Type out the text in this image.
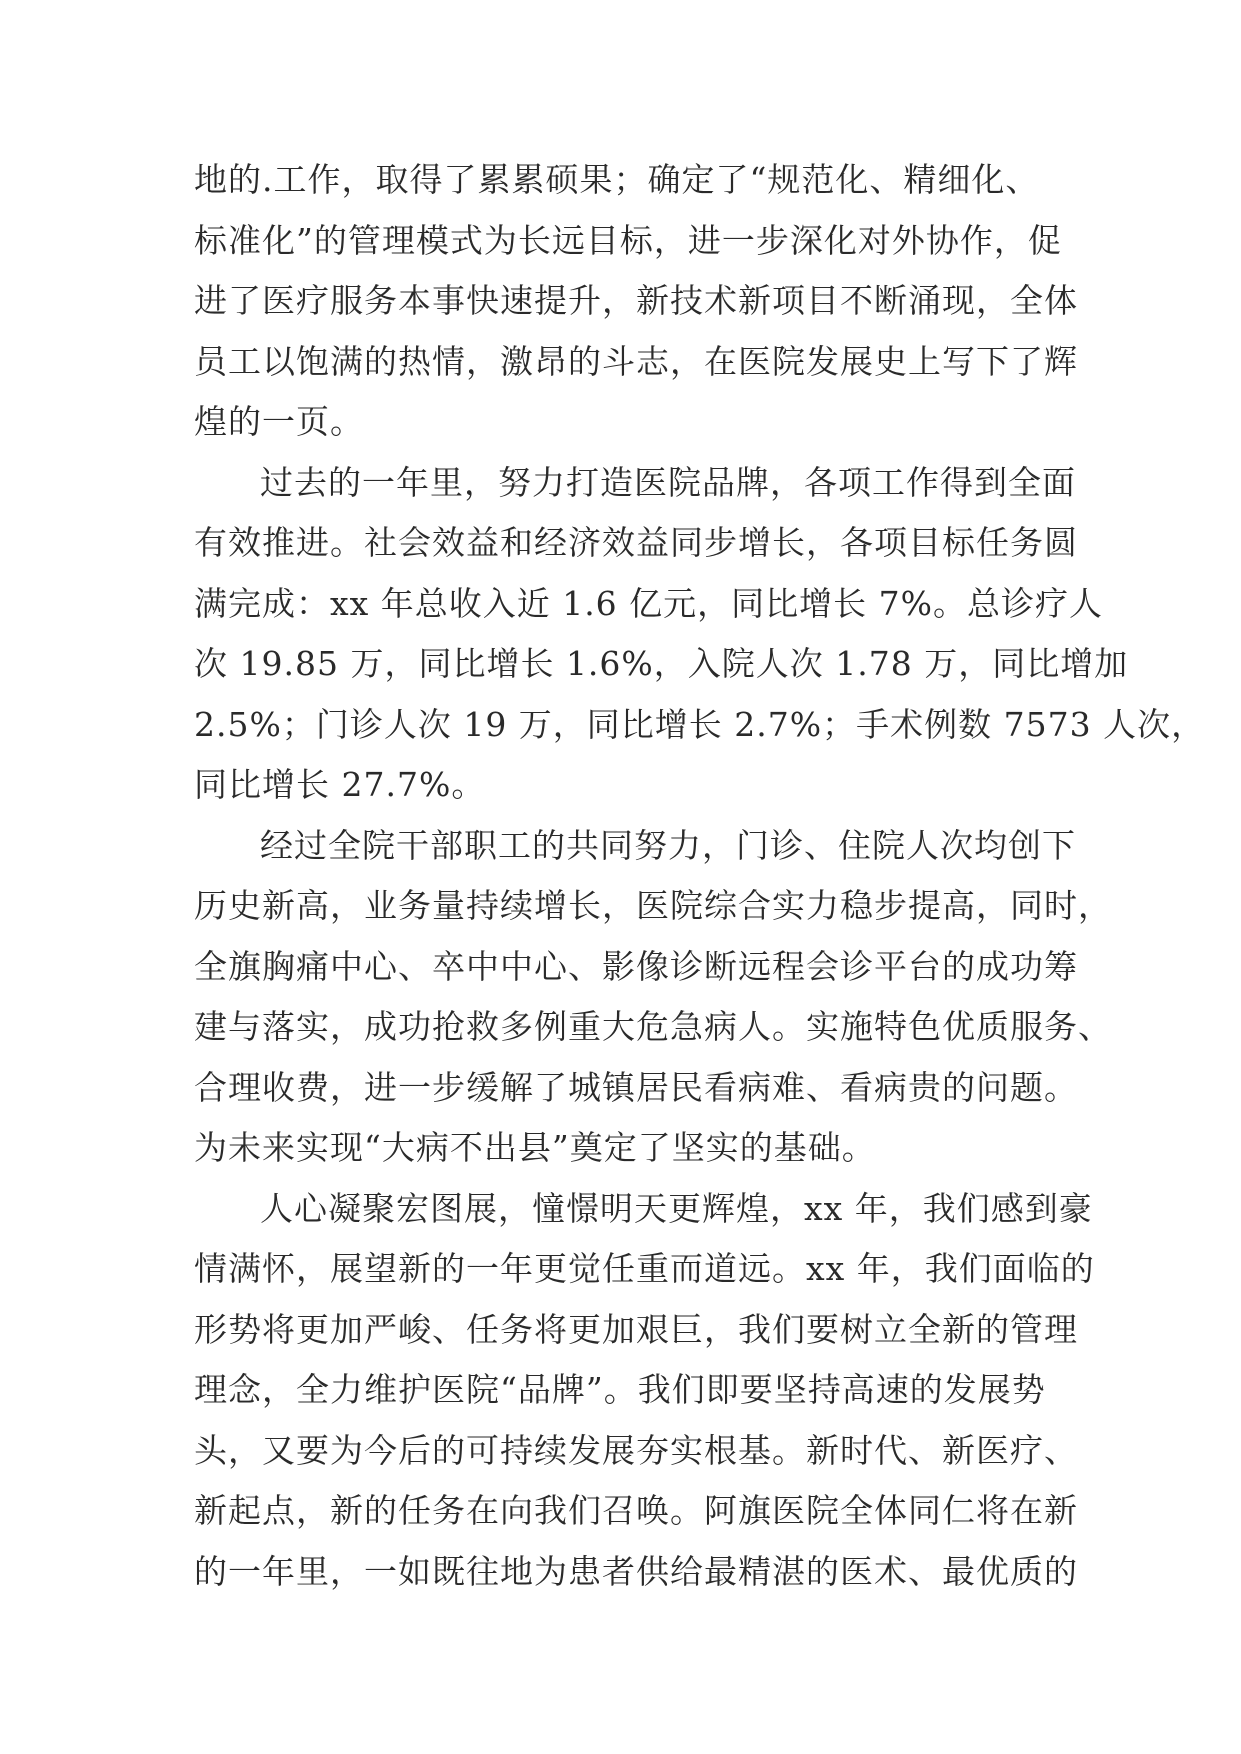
地的.工作，取得了累累硕果；确定了“规范化、精细化、
标准化”的管理模式为长远目标，进一步深化对外协作，促
进了医疗服务本事快速提升，新技术新项目不断涌现，全体
员工以饱满的热情，激昂的斗志，在医院发展史上写下了辉
煌的一页。
过去的一年里，努力打造医院品牌，各项工作得到全面
有效推进。社会效益和经济效益同步增长，各项目标任务圆
满完成：xx 年总收入近 1.6 亿元，同比增长 7%。总诊疗人
次 19.85 万，同比增长 1.6%，入院人次 1.78 万，同比增加
2.5%；门诊人次 19 万，同比增长 2.7%；手术例数 7573 人次，
同比增长 27.7%。
经过全院干部职工的共同努力，门诊、住院人次均创下
历史新高，业务量持续增长，医院综合实力稳步提高，同时，
全旗胸痛中心、卒中中心、影像诊断远程会诊平台的成功筹
建与落实，成功抢救多例重大危急病人。实施特色优质服务、
合理收费，进一步缓解了城镇居民看病难、看病贵的问题。
为未来实现“大病不出县”奠定了坚实的基础。
人心凝聚宏图展，憧憬明天更辉煌，xx 年，我们感到豪
情满怀，展望新的一年更觉任重而道远。xx 年，我们面临的
形势将更加严峻、任务将更加艰巨，我们要树立全新的管理
理念，全力维护医院“品牌”。我们即要坚持高速的发展势
头，又要为今后的可持续发展夯实根基。新时代、新医疗、
新起点，新的任务在向我们召唤。阿旗医院全体同仁将在新
的一年里，一如既往地为患者供给最精湛的医术、最优质的
